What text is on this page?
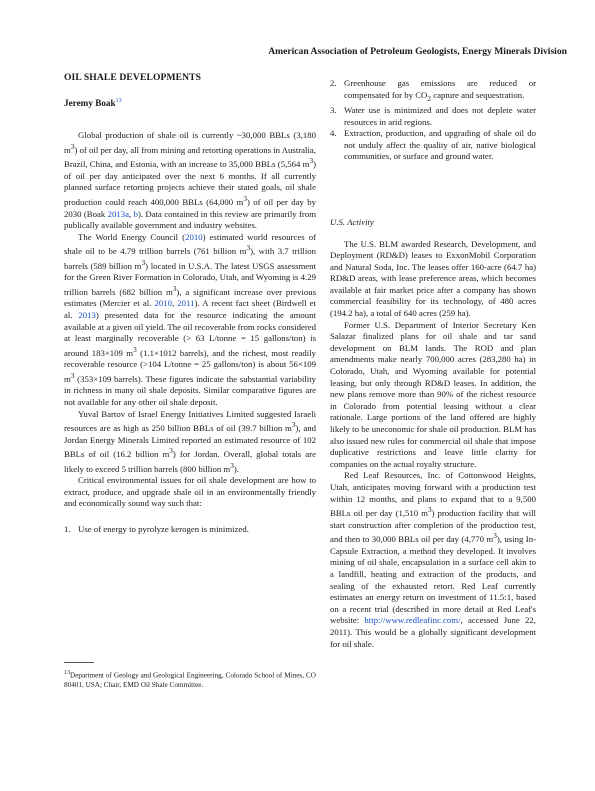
American Association of Petroleum Geologists, Energy Minerals Division
OIL SHALE DEVELOPMENTS
Jeremy Boak$^{13}$

Global production of shale oil is currently ~30,000 BBLs (3,180 $m^3$) of oil per day, all from mining and retorting operations in Australia, Brazil, China, and Estonia, with an increase to 35,000 BBLs (5,564 $m^3$) of oil per day anticipated over the next 6 months. If all currently planned surface retorting projects achieve their stated goals, oil shale production could reach 400,000 BBLs (64,000 $m^3$) of oil per day by 2030 (Boak 2013a, b). Data contained in this review are primarily from publically available government and industry websites.

The World Energy Council (2010) estimated world resources of shale oil to be 4.79 trillion barrels (761 billion $m^3$), with 3.7 trillion barrels (589 billion $m^3$) located in U.S.A. The latest USGS assessment for the Green River Formation in Colorado, Utah, and Wyoming is 4.29 trillion barrels (682 billion $m^3$), a significant increase over previous estimates (Mercier et al. 2010, 2011). A recent fact sheet (Birdwell et al. 2013) presented data for the resource indicating the amount available at a given oil yield. The oil recoverable from rocks considered at least marginally recoverable (> 63 L/tonne = 15 gallons/ton) is around 183×109 $m^3$ (1.1×1012 barrels), and the richest, most readily recoverable resource (>104 L/tonne = 25 gallons/ton) is about 56×109 $m^3$ (353×109 barrels). These figures indicate the substantial variability in richness in many oil shale deposits. Similar comparative figures are not available for any other oil shale deposit.

Yuval Bartov of Israel Energy Initiatives Limited suggested Israeli resources are as high as 250 billion BBLs of oil (39.7 billion $m^3$), and Jordan Energy Minerals Limited reported an estimated resource of 102 BBLs of oil (16.2 billion $m^3$) for Jordan. Overall, global totals are likely to exceed 5 trillion barrels (800 billion $m^3$).

Critical environmental issues for oil shale development are how to extract, produce, and upgrade shale oil in an environmentally friendly and economically sound way such that:

1. Use of energy to pyrolyze kerogen is minimized.
2. Greenhouse gas emissions are reduced or compensated for by $CO_2$ capture and sequestration.
3. Water use is minimized and does not deplete water resources in arid regions.
4. Extraction, production, and upgrading of shale oil do not unduly affect the quality of air, native biological communities, or surface and ground water.
U.S. Activity

The U.S. BLM awarded Research, Development, and Deployment (RD&D) leases to ExxonMobil Corporation and Natural Soda, Inc. The leases offer 160-acre (64.7 ha) RD&D areas, with lease preference areas, which becomes available at fair market price after a company has shown commercial feasibility for its technology, of 480 acres (194.2 ha), a total of 640 acres (259 ha).

Former U.S. Department of Interior Secretary Ken Salazar finalized plans for oil shale and tar sand development on BLM lands. The ROD and plan amendments make nearly 700,000 acres (283,280 ha) in Colorado, Utah, and Wyoming available for potential leasing, but only through RD&D leases. In addition, the new plans remove more than 90% of the richest resource in Colorado from potential leasing without a clear rationale. Large portions of the land offered are highly likely to be uneconomic for shale oil production. BLM has also issued new rules for commercial oil shale that impose duplicative restrictions and leave little clarity for companies on the actual royalty structure.

Red Leaf Resources, Inc. of Cottonwood Heights, Utah, anticipates moving forward with a production test within 12 months, and plans to expand that to a 9,500 BBLs oil per day (1,510 $m^3$) production facility that will start construction after completion of the production test, and then to 30,000 BBLs oil per day (4,770 $m^3$), using In-Capsule Extraction, a method they developed. It involves mining of oil shale, encapsulation in a surface cell akin to a landfill, heating and extraction of the products, and sealing of the exhausted retort. Red Leaf currently estimates an energy return on investment of 11.5:1, based on a recent trial (described in more detail at Red Leaf's website: http://www.redleafinc.com/, accessed June 22, 2011). This would be a globally significant development for oil shale.

$^{13}$Department of Geology and Geological Engineering, Colorado School of Mines, CO 80401, USA; Chair, EMD Oil Shale Committee.
